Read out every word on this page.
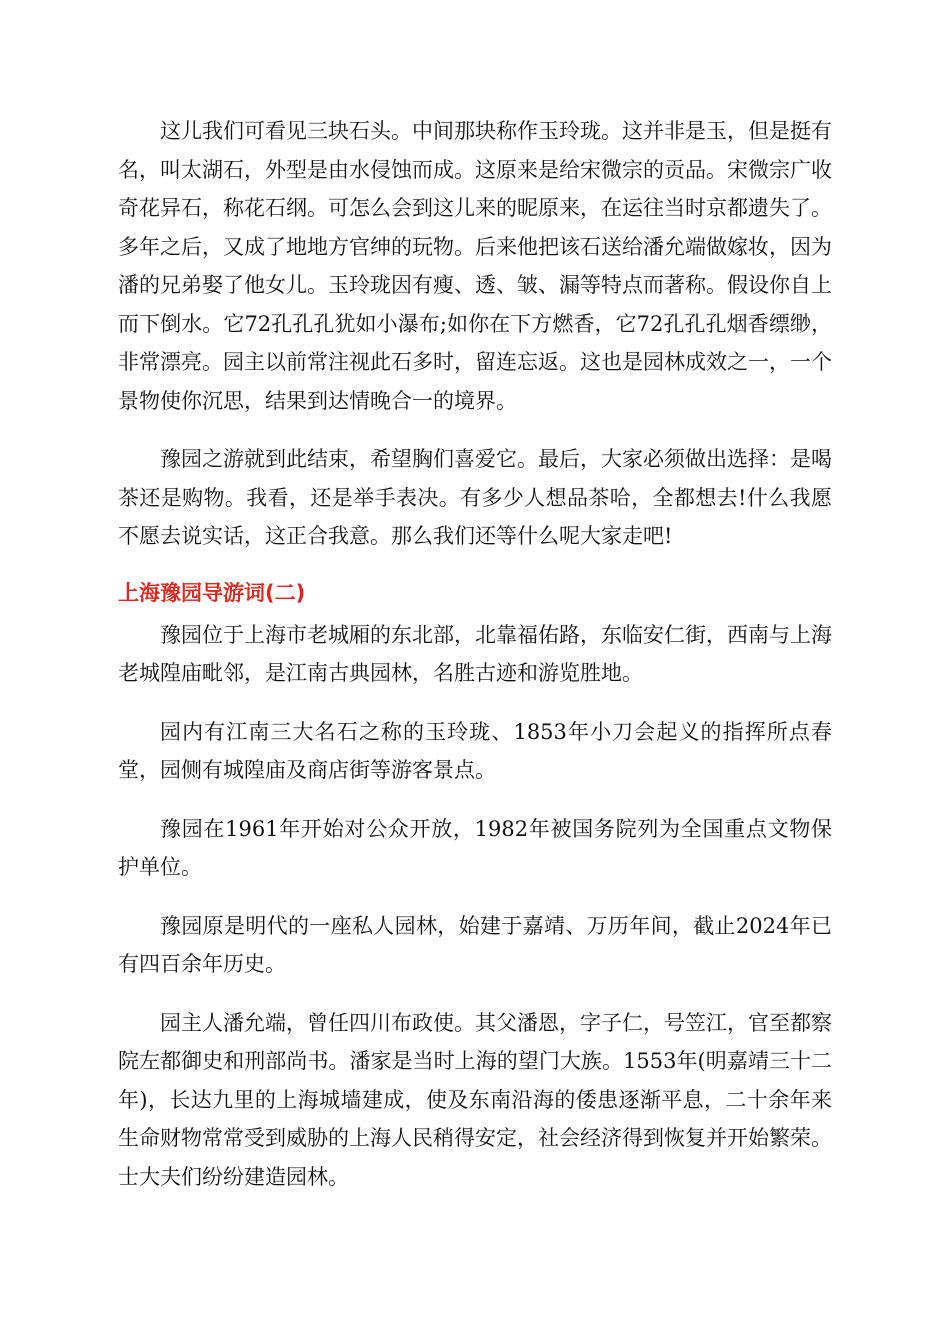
这儿我们可看见三块石头。中间那块称作玉玲珑。这并非是玉，但是挺有名，叫太湖石，外型是由水侵蚀而成。这原来是给宋微宗的贡品。宋微宗广收奇花异石，称花石纲。可怎么会到这儿来的昵原来，在运往当时京都遗失了。多年之后，又成了地地方官绅的玩物。后来他把该石送给潘允端做嫁妆，因为潘的兄弟娶了他女儿。玉玲珑因有瘦、透、皱、漏等特点而著称。假设你自上而下倒水。它72孔孔孔犹如小瀑布;如你在下方燃香，它72孔孔孔烟香缥缈，非常漂亮。园主以前常注视此石多时，留连忘返。这也是园林成效之一，一个景物使你沉思，结果到达情晚合一的境界。

豫园之游就到此结束，希望胸们喜爱它。最后，大家必须做出选择：是喝茶还是购物。我看，还是举手表决。有多少人想品茶哈，全都想去!什么我愿不愿去说实话，这正合我意。那么我们还等什么呢大家走吧!

上海豫园导游词(二)

豫园位于上海市老城厢的东北部，北靠福佑路，东临安仁街，西南与上海老城隍庙毗邻，是江南古典园林，名胜古迹和游览胜地。

园内有江南三大名石之称的玉玲珑、1853年小刀会起义的指挥所点春堂，园侧有城隍庙及商店街等游客景点。

豫园在1961年开始对公众开放，1982年被国务院列为全国重点文物保护单位。

豫园原是明代的一座私人园林，始建于嘉靖、万历年间，截止2024年已有四百余年历史。

园主人潘允端，曾任四川布政使。其父潘恩，字子仁，号笠江，官至都察院左都御史和刑部尚书。潘家是当时上海的望门大族。1553年(明嘉靖三十二年)，长达九里的上海城墙建成，使及东南沿海的倭患逐渐平息，二十余年来生命财物常常受到威胁的上海人民稍得安定，社会经济得到恢复并开始繁荣。士大夫们纷纷建造园林。
